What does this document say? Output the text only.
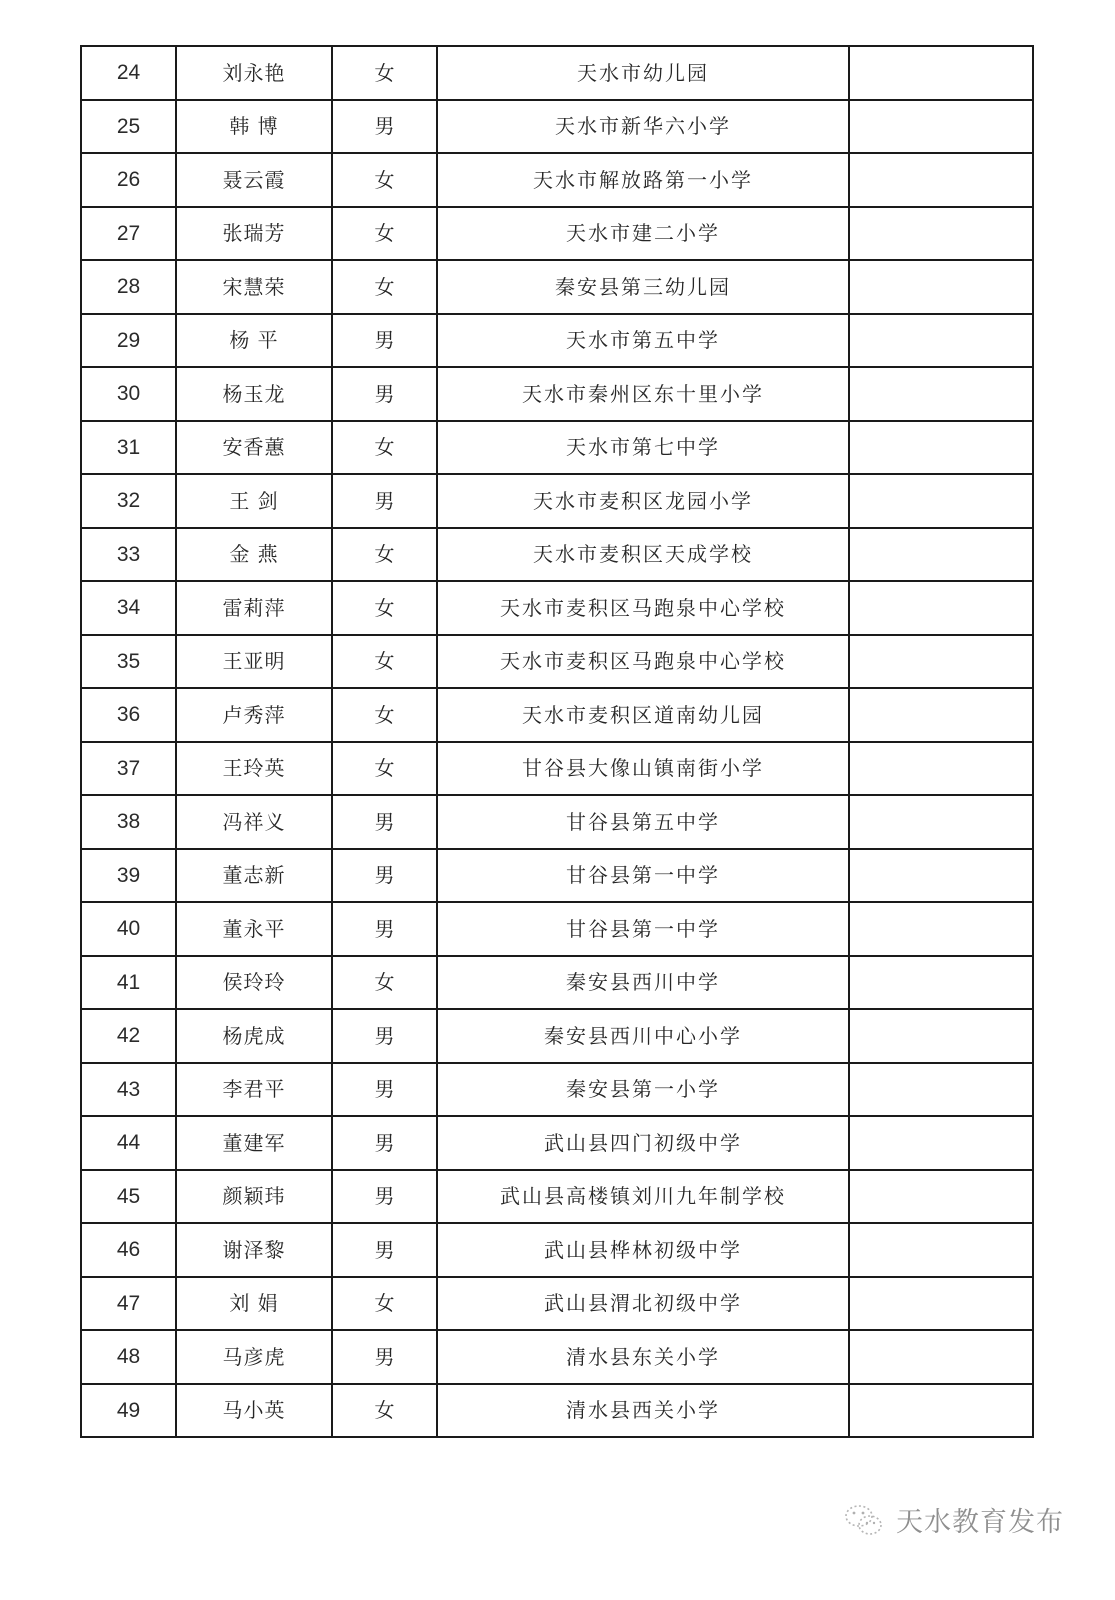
24	刘永艳	女	天水市幼儿园	
25	韩 博	男	天水市新华六小学	
26	聂云霞	女	天水市解放路第一小学	
27	张瑞芳	女	天水市建二小学	
28	宋慧荣	女	秦安县第三幼儿园	
29	杨 平	男	天水市第五中学	
30	杨玉龙	男	天水市秦州区东十里小学	
31	安香蕙	女	天水市第七中学	
32	王 剑	男	天水市麦积区龙园小学	
33	金 燕	女	天水市麦积区天成学校	
34	雷莉萍	女	天水市麦积区马跑泉中心学校	
35	王亚明	女	天水市麦积区马跑泉中心学校	
36	卢秀萍	女	天水市麦积区道南幼儿园	
37	王玲英	女	甘谷县大像山镇南街小学	
38	冯祥义	男	甘谷县第五中学	
39	董志新	男	甘谷县第一中学	
40	董永平	男	甘谷县第一中学	
41	侯玲玲	女	秦安县西川中学	
42	杨虎成	男	秦安县西川中心小学	
43	李君平	男	秦安县第一小学	
44	董建军	男	武山县四门初级中学	
45	颜颖玮	男	武山县高楼镇刘川九年制学校	
46	谢泽黎	男	武山县桦林初级中学	
47	刘 娟	女	武山县渭北初级中学	
48	马彦虎	男	清水县东关小学	
49	马小英	女	清水县西关小学	
天水教育发布
